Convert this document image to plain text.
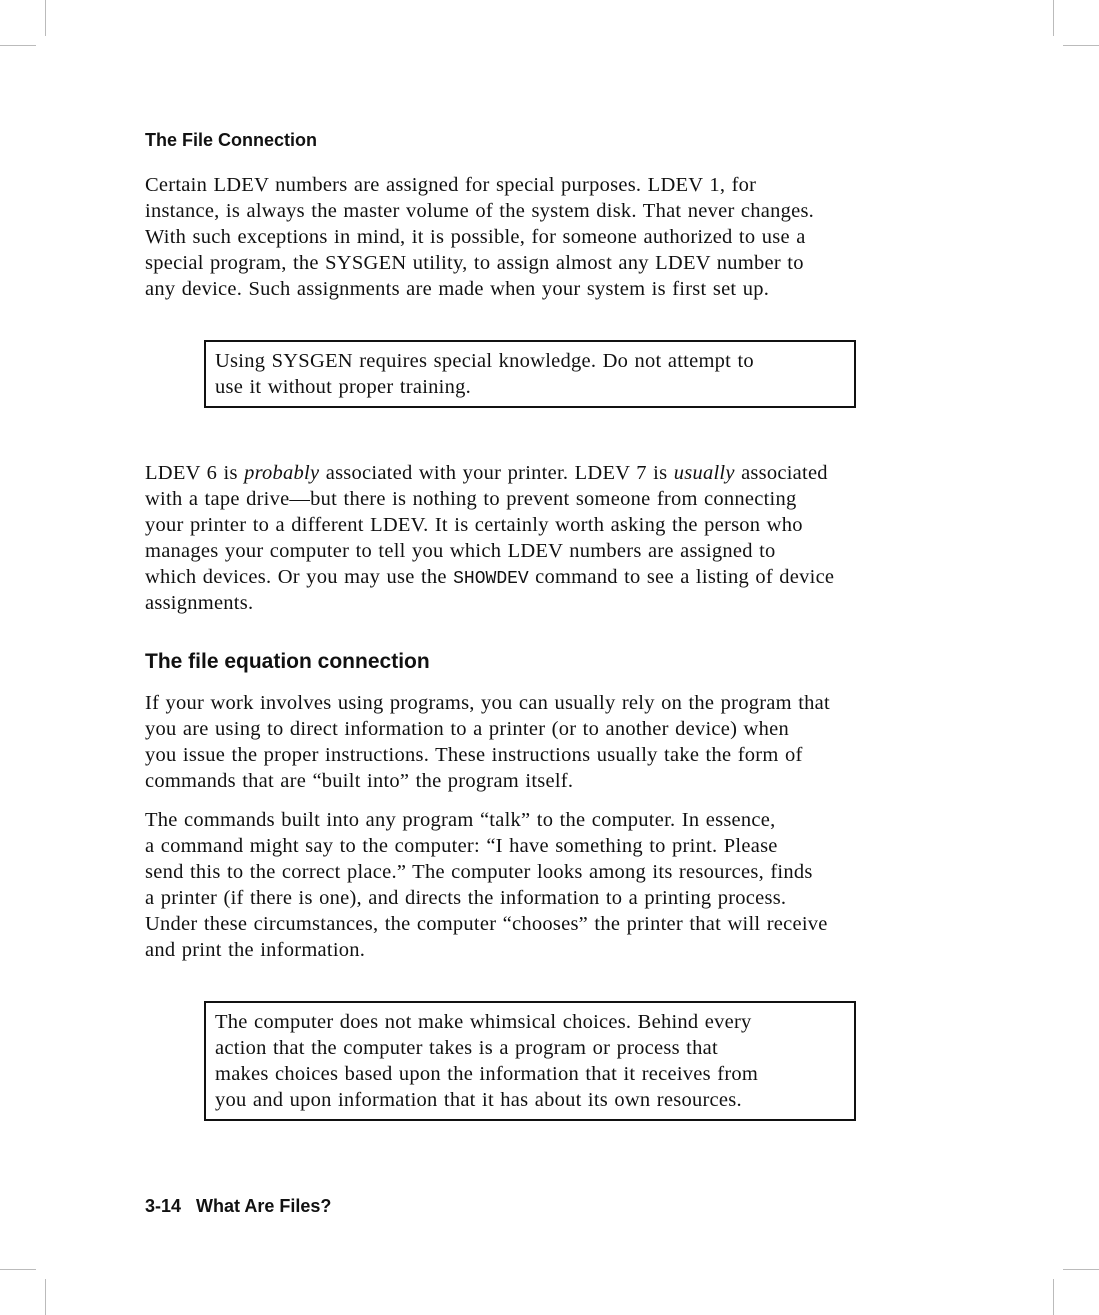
The File Connection
Certain LDEV numbers are assigned for special purposes. LDEV 1, for
instance, is always the master volume of the system disk. That never changes.
With such exceptions in mind, it is possible, for someone authorized to use a
special program, the SYSGEN utility, to assign almost any LDEV number to
any device. Such assignments are made when your system is first set up.
Using SYSGEN requires special knowledge. Do not attempt to
use it without proper training.
LDEV 6 is probably associated with your printer. LDEV 7 is usually associated
with a tape drive—but there is nothing to prevent someone from connecting
your printer to a different LDEV. It is certainly worth asking the person who
manages your computer to tell you which LDEV numbers are assigned to
which devices. Or you may use the SHOWDEV command to see a listing of device
assignments.
The file equation connection
If your work involves using programs, you can usually rely on the program that
you are using to direct information to a printer (or to another device) when
you issue the proper instructions. These instructions usually take the form of
commands that are “built into” the program itself.
The commands built into any program “talk” to the computer. In essence,
a command might say to the computer: “I have something to print. Please
send this to the correct place.” The computer looks among its resources, finds
a printer (if there is one), and directs the information to a printing process.
Under these circumstances, the computer “chooses” the printer that will receive
and print the information.
The computer does not make whimsical choices. Behind every
action that the computer takes is a program or process that
makes choices based upon the information that it receives from
you and upon information that it has about its own resources.
3-14 What Are Files?
